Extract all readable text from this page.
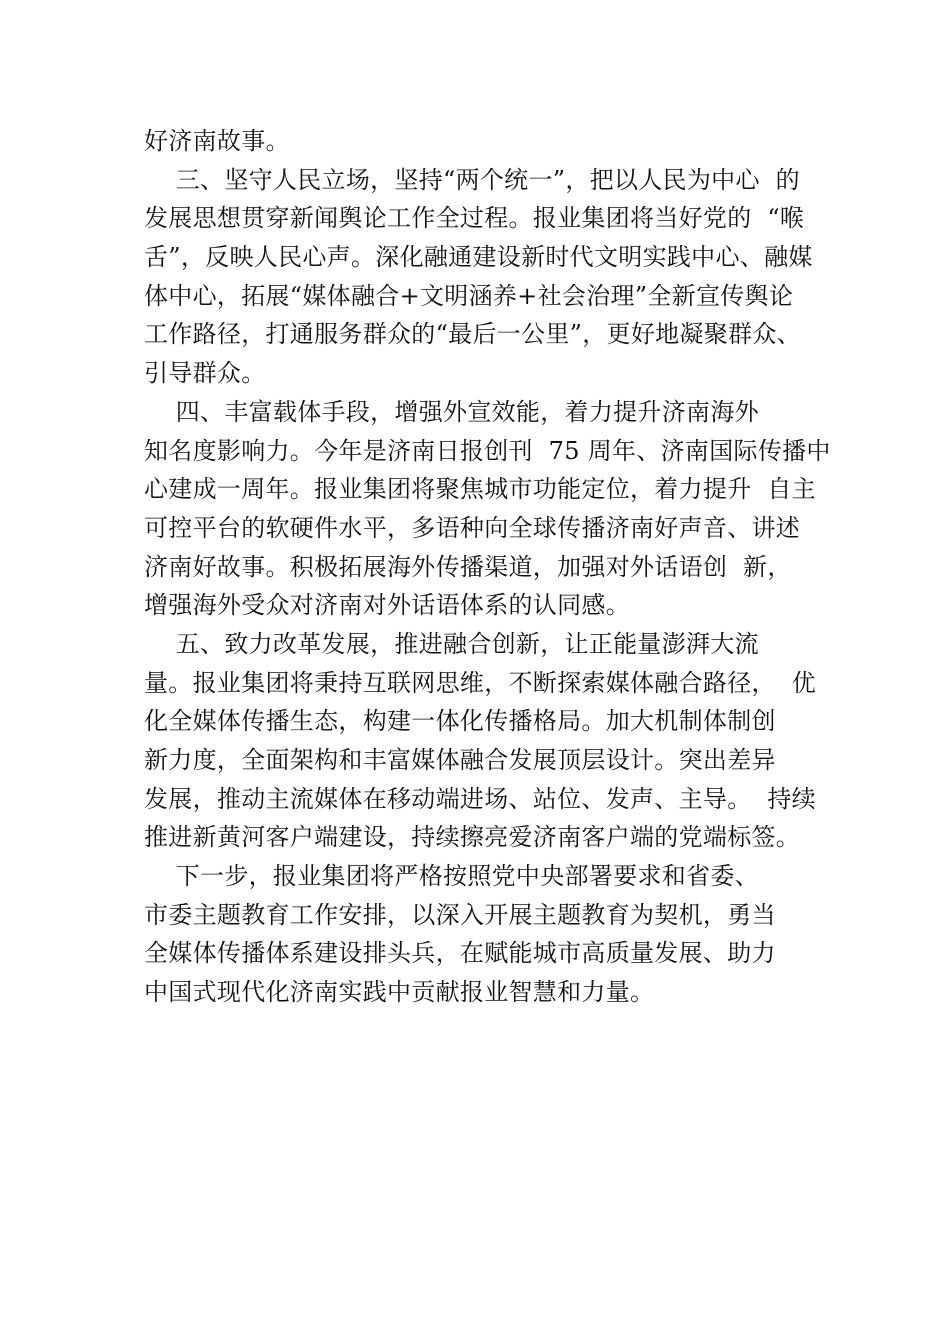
好济南故事。
三、坚守人民立场，坚持“两个统一”，把以人民为中心  的
发展思想贯穿新闻舆论工作全过程。报业集团将当好党的  “喉
舌”，反映人民心声。深化融通建设新时代文明实践中心、融媒
体中心，拓展“媒体融合+文明涵养+社会治理”全新宣传舆论
工作路径，打通服务群众的“最后一公里”，更好地凝聚群众、
引导群众。
四、丰富载体手段，增强外宣效能，着力提升济南海外
知名度影响力。今年是济南日报创刊  75 周年、济南国际传播中
心建成一周年。报业集团将聚焦城市功能定位，着力提升  自主
可控平台的软硬件水平，多语种向全球传播济南好声音、讲述
济南好故事。积极拓展海外传播渠道，加强对外话语创  新，
增强海外受众对济南对外话语体系的认同感。
五、致力改革发展，推进融合创新，让正能量澎湃大流
量。报业集团将秉持互联网思维，不断探索媒体融合路径，  优
化全媒体传播生态，构建一体化传播格局。加大机制体制创
新力度，全面架构和丰富媒体融合发展顶层设计。突出差异
发展，推动主流媒体在移动端进场、站位、发声、主导。  持续
推进新黄河客户端建设，持续擦亮爱济南客户端的党端标签。
下一步，报业集团将严格按照党中央部署要求和省委、
市委主题教育工作安排，以深入开展主题教育为契机，勇当
全媒体传播体系建设排头兵，在赋能城市高质量发展、助力
中国式现代化济南实践中贡献报业智慧和力量。
